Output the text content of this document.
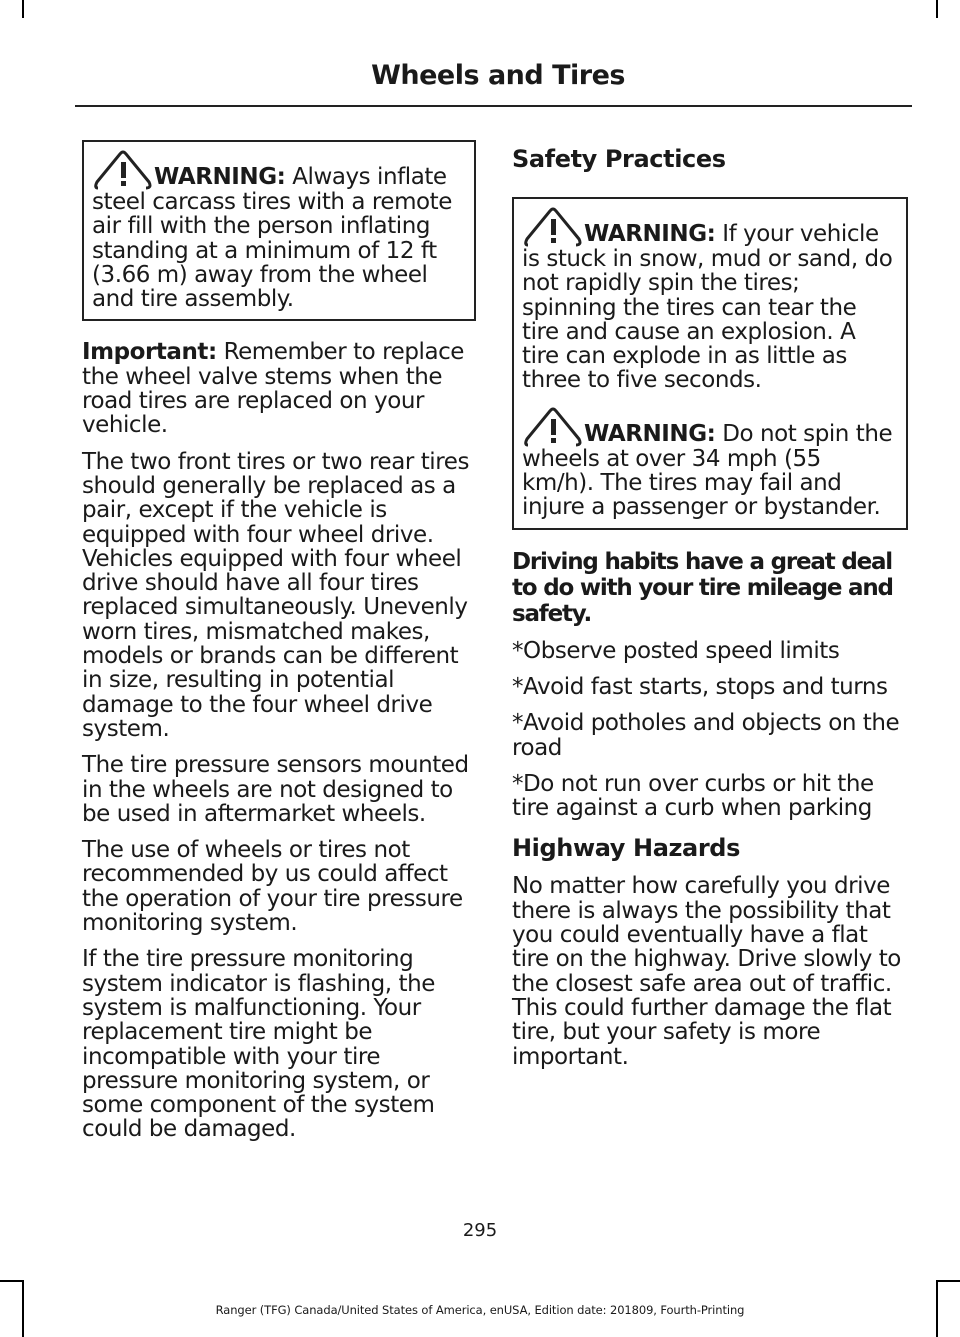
Wheels and Tires

WARNING: Always inflate steel carcass tires with a remote air fill with the person inflating standing at a minimum of 12 ft (3.66 m) away from the wheel and tire assembly.

Important: Remember to replace the wheel valve stems when the road tires are replaced on your vehicle.

The two front tires or two rear tires should generally be replaced as a pair, except if the vehicle is equipped with four wheel drive. Vehicles equipped with four wheel drive should have all four tires replaced simultaneously. Unevenly worn tires, mismatched makes, models or brands can be different in size, resulting in potential damage to the four wheel drive system.

The tire pressure sensors mounted in the wheels are not designed to be used in aftermarket wheels.

The use of wheels or tires not recommended by us could affect the operation of your tire pressure monitoring system.

If the tire pressure monitoring system indicator is flashing, the system is malfunctioning. Your replacement tire might be incompatible with your tire pressure monitoring system, or some component of the system could be damaged.

Safety Practices

WARNING: If your vehicle is stuck in snow, mud or sand, do not rapidly spin the tires; spinning the tires can tear the tire and cause an explosion. A tire can explode in as little as three to five seconds.

WARNING: Do not spin the wheels at over 34 mph (55 km/h). The tires may fail and injure a passenger or bystander.

Driving habits have a great deal to do with your tire mileage and safety.

*Observe posted speed limits

*Avoid fast starts, stops and turns

*Avoid potholes and objects on the road

*Do not run over curbs or hit the tire against a curb when parking

Highway Hazards

No matter how carefully you drive there is always the possibility that you could eventually have a flat tire on the highway. Drive slowly to the closest safe area out of traffic. This could further damage the flat tire, but your safety is more important.

295
Ranger (TFG) Canada/United States of America, enUSA, Edition date: 201809, Fourth-Printing
